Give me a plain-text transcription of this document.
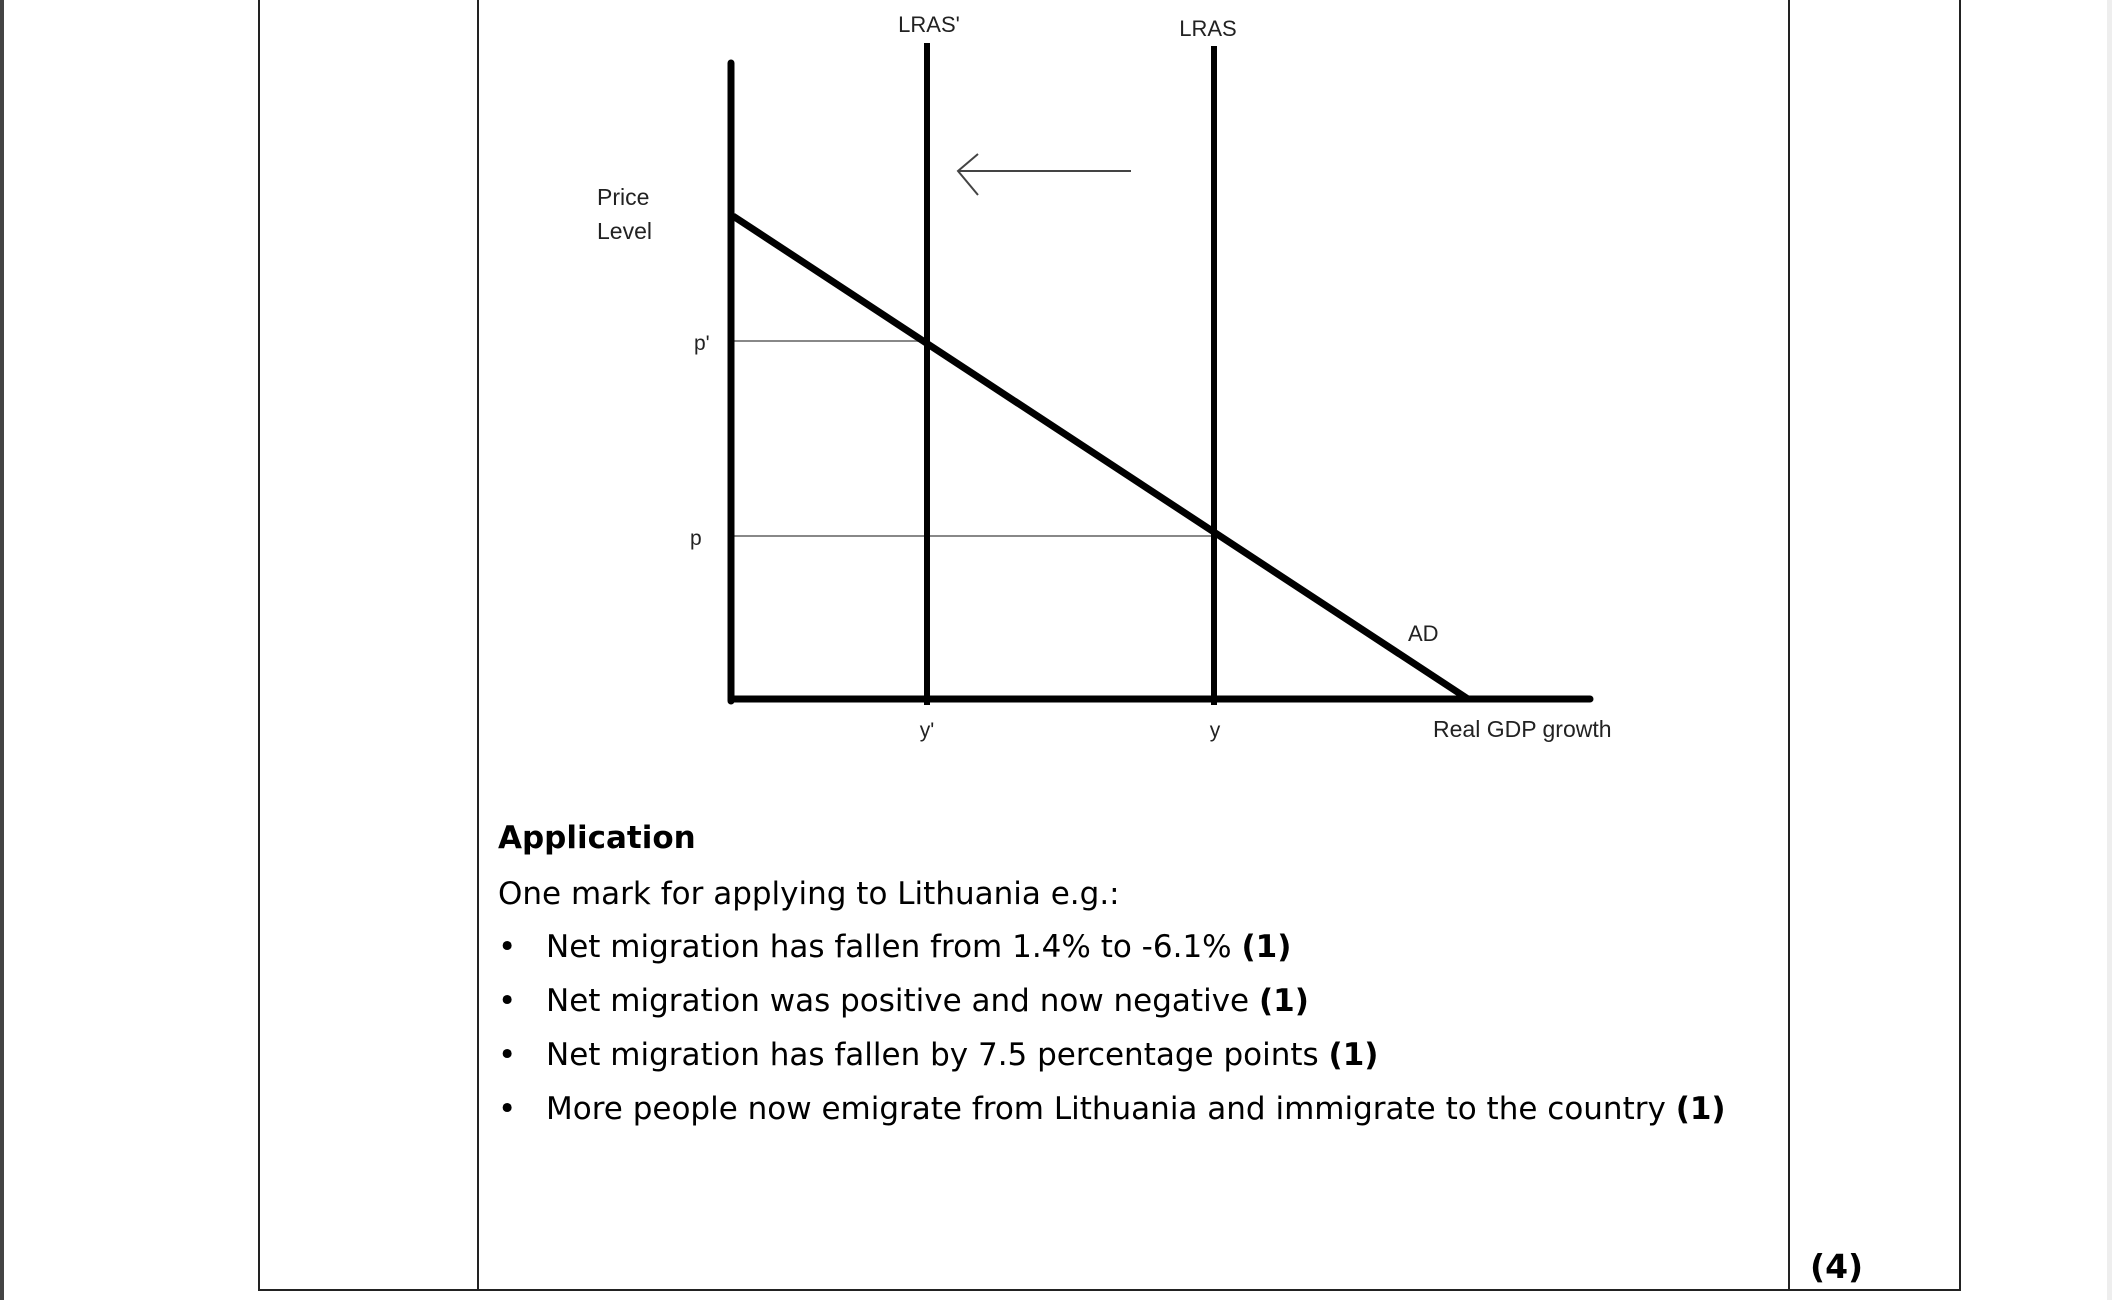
LRAS'	LRAS
Price
Level
p'
p
AD
y'	y	Real GDP growth
Application
One mark for applying to Lithuania e.g.:
• Net migration has fallen from 1.4% to -6.1% (1)
• Net migration was positive and now negative (1)
• Net migration has fallen by 7.5 percentage points (1)
• More people now emigrate from Lithuania and immigrate to the country (1)
(4)
